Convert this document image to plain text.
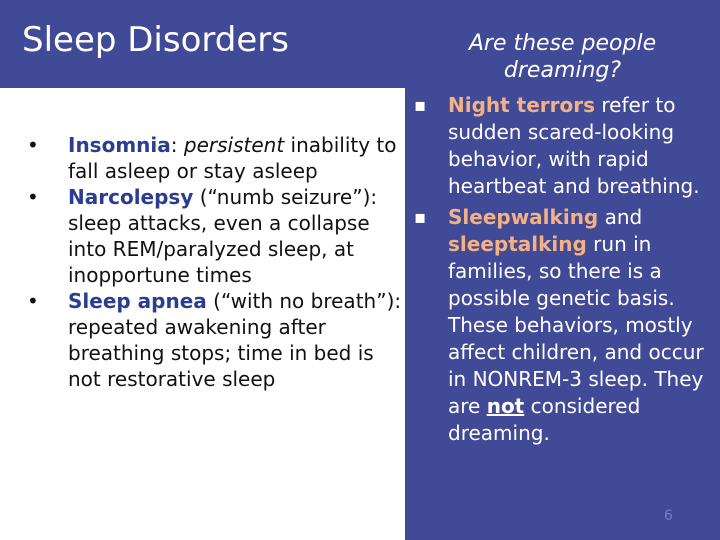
Sleep Disorders	Are these people
dreaming?
• Insomnia: persistent inability to fall asleep or stay asleep
• Narcolepsy (“numb seizure”): sleep attacks, even a collapse into REM/paralyzed sleep, at inopportune times
• Sleep apnea (“with no breath”): repeated awakening after breathing stops; time in bed is not restorative sleep
▪ Night terrors refer to sudden scared-looking behavior, with rapid heartbeat and breathing.
▪ Sleepwalking and sleeptalking run in families, so there is a possible genetic basis.
These behaviors, mostly affect children, and occur in NONREM-3 sleep. They are not considered dreaming.
6
